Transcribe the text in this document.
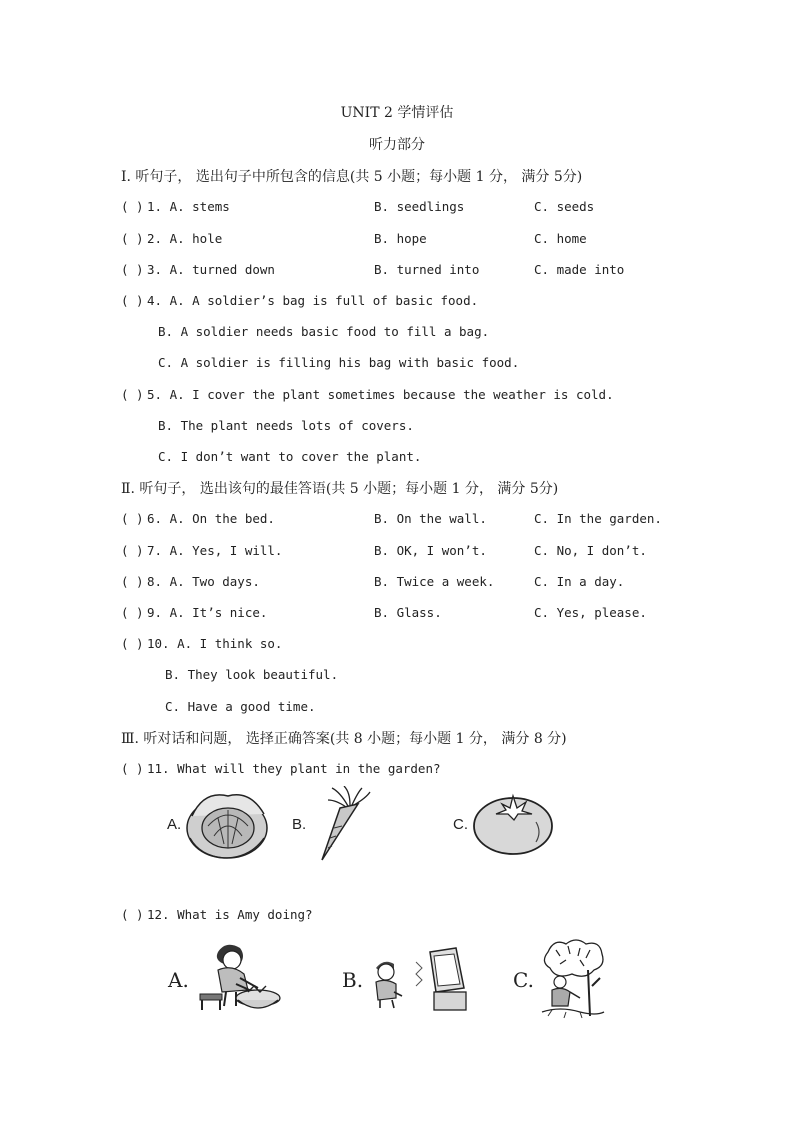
UNIT 2 学情评估
听力部分
Ⅰ. 听句子， 选出句子中所包含的信息(共 5 小题；每小题 1 分， 满分 5分)
( ) 1. A. stems	B. seedlings	C. seeds
( ) 2. A. hole	B. hope	C. home
( ) 3. A. turned down	B. turned into	C. made into
( ) 4. A. A soldier’s bag is full of basic food.
B. A soldier needs basic food to fill a bag.
C. A soldier is filling his bag with basic food.
( ) 5. A. I cover the plant sometimes because the weather is cold.
B. The plant needs lots of covers.
C. I don’t want to cover the plant.
Ⅱ. 听句子， 选出该句的最佳答语(共 5 小题；每小题 1 分， 满分 5分)
( ) 6. A. On the bed.	B. On the wall.	C. In the garden.
( ) 7. A. Yes, I will.	B. OK, I won’t.	C. No, I don’t.
( ) 8. A. Two days.	B. Twice a week.	C. In a day.
( ) 9. A. It’s nice.	B. Glass.	C. Yes, please.
( ) 10. A. I think so.
B. They look beautiful.
C. Have a good time.
Ⅲ. 听对话和问题， 选择正确答案(共 8 小题；每小题 1 分， 满分 8 分)
( ) 11. What will they plant in the garden?
A.	B.	C.
( ) 12. What is Amy doing?
A.	B.	C.
